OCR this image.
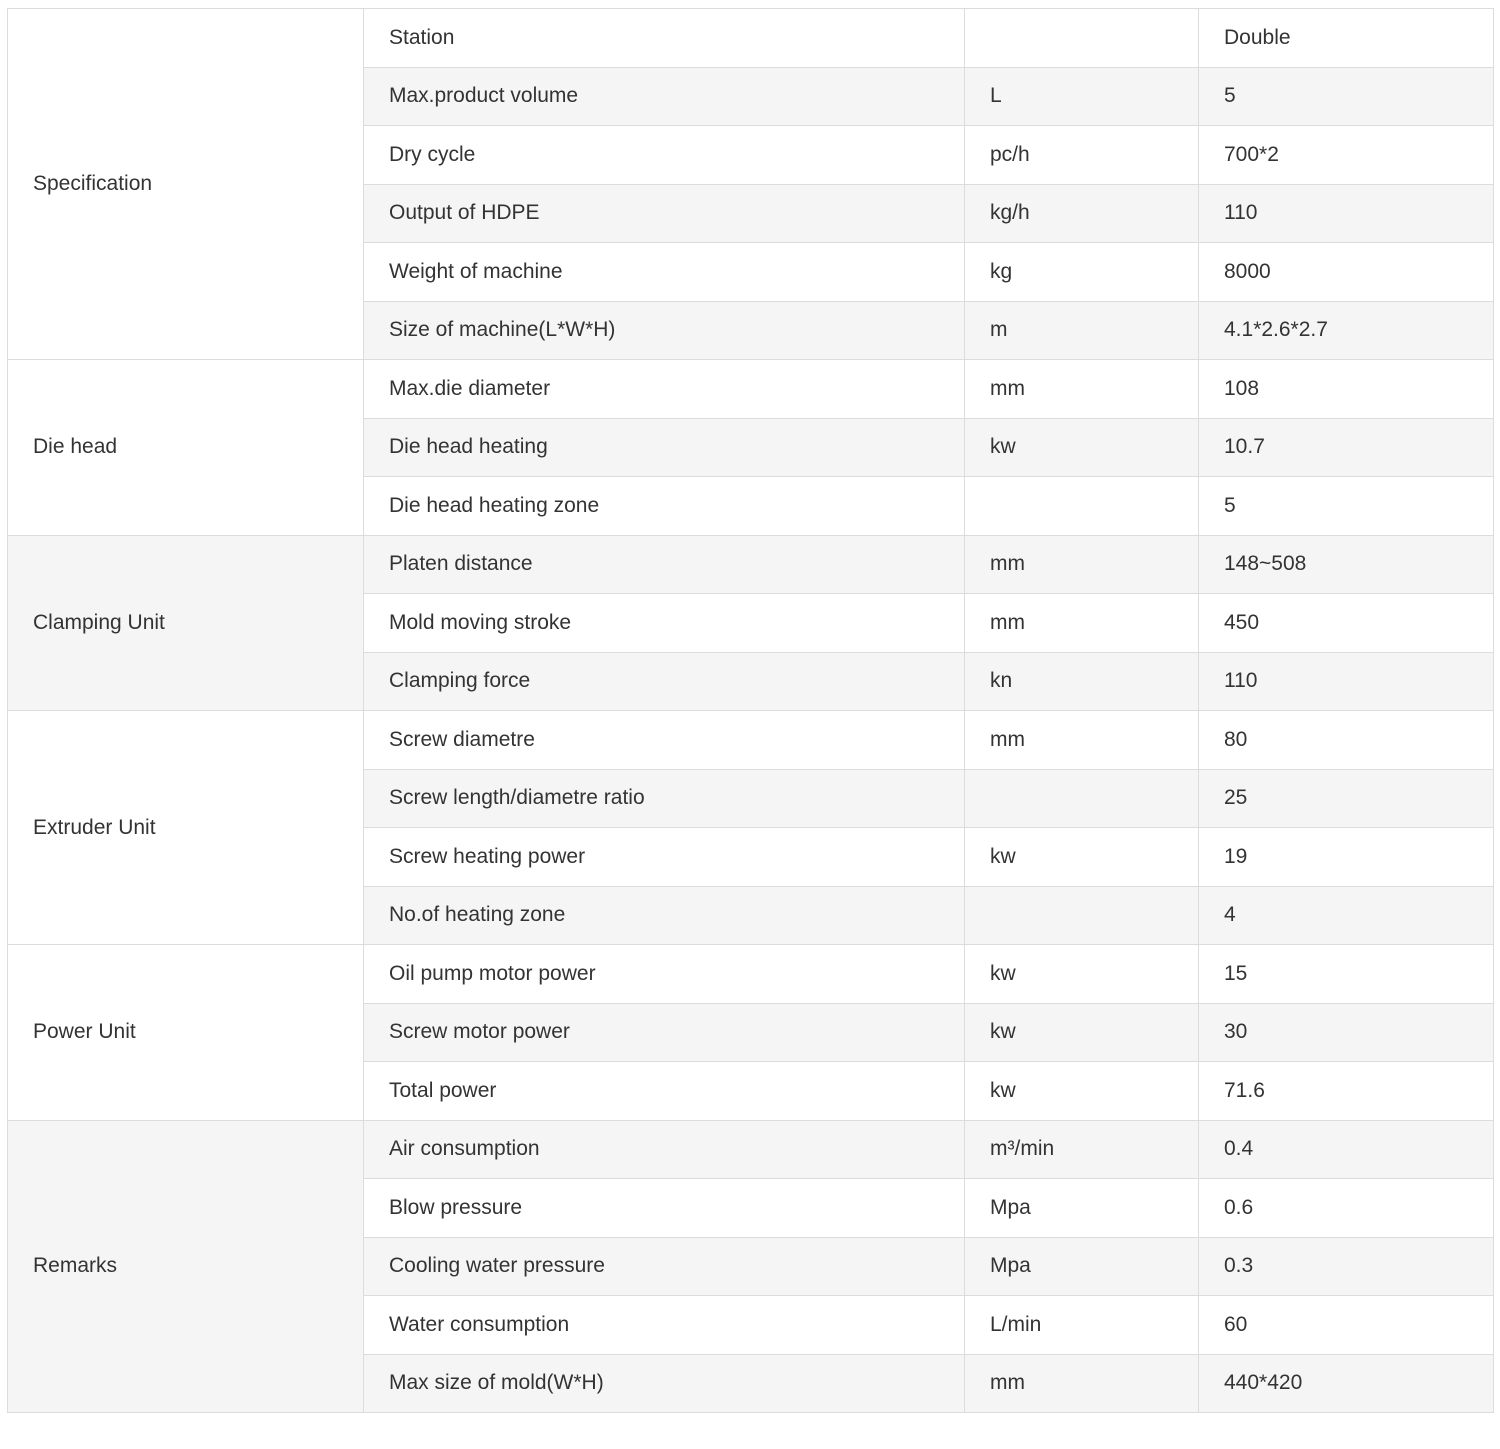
Specification	Station		Double
	Max.product volume	L	5
	Dry cycle	pc/h	700*2
	Output of HDPE	kg/h	110
	Weight of machine	kg	8000
	Size of machine(L*W*H)	m	4.1*2.6*2.7
Die head	Max.die diameter	mm	108
	Die head heating	kw	10.7
	Die head heating zone		5
Clamping Unit	Platen distance	mm	148~508
	Mold moving stroke	mm	450
	Clamping force	kn	110
Extruder Unit	Screw diametre	mm	80
	Screw length/diametre ratio		25
	Screw heating power	kw	19
	No.of heating zone		4
Power Unit	Oil pump motor power	kw	15
	Screw motor power	kw	30
	Total power	kw	71.6
Remarks	Air consumption	m³/min	0.4
	Blow pressure	Mpa	0.6
	Cooling water pressure	Mpa	0.3
	Water consumption	L/min	60
	Max size of mold(W*H)	mm	440*420
